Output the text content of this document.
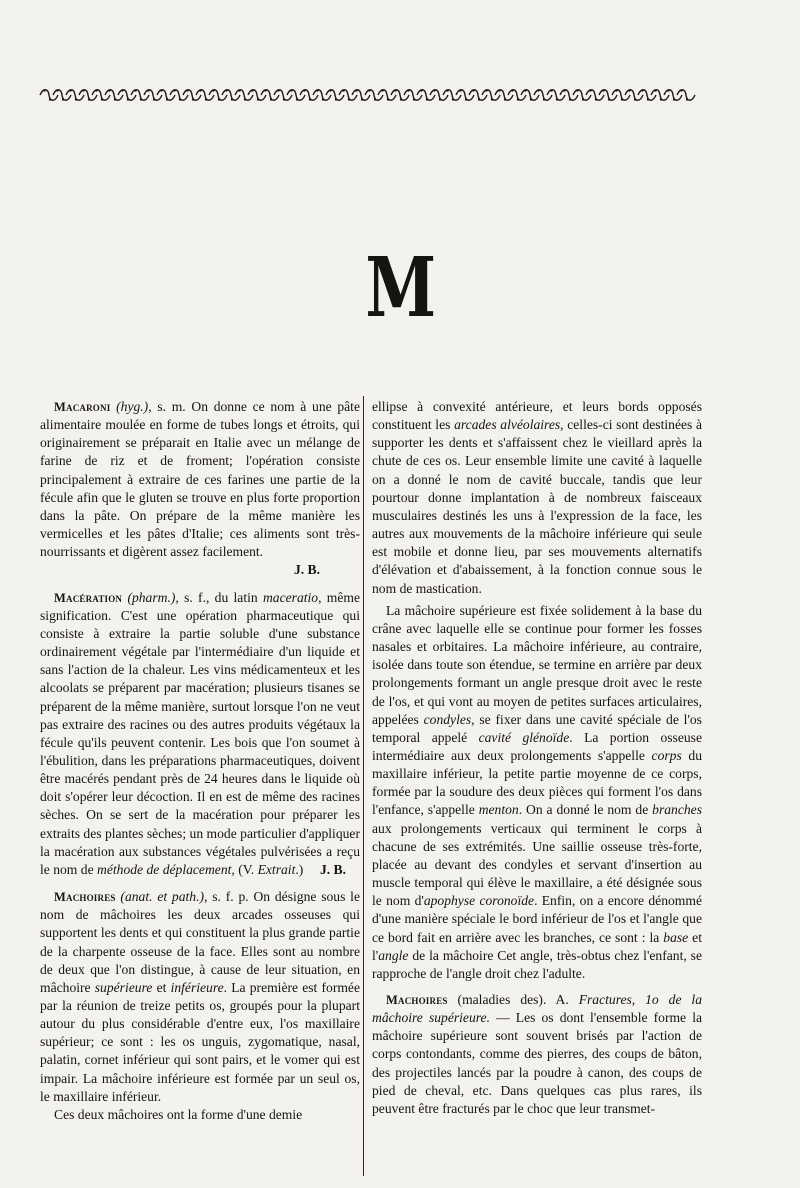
M

Macaroni (hyg.), s. m. On donne ce nom à une pâte alimentaire moulée en forme de tubes longs et étroits, qui originairement se préparait en Italie avec un mélange de farine de riz et de froment; l'opération consiste principalement à extraire de ces farines une partie de la fécule afin que le gluten se trouve en plus forte proportion dans la pâte. On prépare de la même manière les vermicelles et les pâtes d'Italie; ces aliments sont très-nourrissants et digèrent assez facilement.

J. B.

Macération (pharm.), s. f., du latin maceratio, même signification. C'est une opération pharmaceutique qui consiste à extraire la partie soluble d'une substance ordinairement végétale par l'intermédiaire d'un liquide et sans l'action de la chaleur. Les vins médicamenteux et les alcoolats se préparent par macération; plusieurs tisanes se préparent de la même manière, surtout lorsque l'on ne veut pas extraire des racines ou des autres produits végétaux la fécule qu'ils peuvent contenir. Les bois que l'on soumet à l'ébulition, dans les préparations pharmaceutiques, doivent être macérés pendant près de 24 heures dans le liquide où doit s'opérer leur décoction. Il en est de même des racines sèches. On se sert de la macération pour préparer les extraits des plantes sèches; un mode particulier d'appliquer la macération aux substances végétales pulvérisées a reçu le nom de méthode de déplacement, (V. Extrait.)	J. B.

Machoires (anat. et path.), s. f. p. On désigne sous le nom de mâchoires les deux arcades osseuses qui supportent les dents et qui constituent la plus grande partie de la charpente osseuse de la face. Elles sont au nombre de deux que l'on distingue, à cause de leur situation, en mâchoire supérieure et inférieure. La première est formée par la réunion de treize petits os, groupés pour la plupart autour du plus considérable d'entre eux, l'os maxillaire supérieur; ce sont : les os unguis, zygomatique, nasal, palatin, cornet inférieur qui sont pairs, et le vomer qui est impair. La mâchoire inférieure est formée par un seul os, le maxillaire inférieur.

Ces deux mâchoires ont la forme d'une demie

ellipse à convexité antérieure, et leurs bords opposés constituent les arcades alvéolaires, celles-ci sont destinées à supporter les dents et s'affaissent chez le vieillard après la chute de ces os. Leur ensemble limite une cavité à laquelle on a donné le nom de cavité buccale, tandis que leur pourtour donne implantation à de nombreux faisceaux musculaires destinés les uns à l'expression de la face, les autres aux mouvements de la mâchoire inférieure qui seule est mobile et donne lieu, par ses mouvements alternatifs d'élévation et d'abaissement, à la fonction connue sous le nom de mastication.

La mâchoire supérieure est fixée solidement à la base du crâne avec laquelle elle se continue pour former les fosses nasales et orbitaires. La mâchoire inférieure, au contraire, isolée dans toute son étendue, se termine en arrière par deux prolongements formant un angle presque droit avec le reste de l'os, et qui vont au moyen de petites surfaces articulaires, appelées condyles, se fixer dans une cavité spéciale de l'os temporal appelé cavité glénoïde. La portion osseuse intermédiaire aux deux prolongements s'appelle corps du maxillaire inférieur, la petite partie moyenne de ce corps, formée par la soudure des deux pièces qui forment l'os dans l'enfance, s'appelle menton. On a donné le nom de branches aux prolongements verticaux qui terminent le corps à chacune de ses extrémités. Une saillie osseuse très-forte, placée au devant des condyles et servant d'insertion au muscle temporal qui élève le maxillaire, a été désignée sous le nom d'apophyse coronoïde. Enfin, on a encore dénommé d'une manière spéciale le bord inférieur de l'os et l'angle que ce bord fait en arrière avec les branches, ce sont : la base et l'angle de la mâchoire Cet angle, très-obtus chez l'enfant, se rapproche de l'angle droit chez l'adulte.

Machoires (maladies des). A. Fractures, 1o de la mâchoire supérieure. — Les os dont l'ensemble forme la mâchoire supérieure sont souvent brisés par l'action de corps contondants, comme des pierres, des coups de bâton, des projectiles lancés par la poudre à canon, des coups de pied de cheval, etc. Dans quelques cas plus rares, ils peuvent être fracturés par le choc que leur transmet-
